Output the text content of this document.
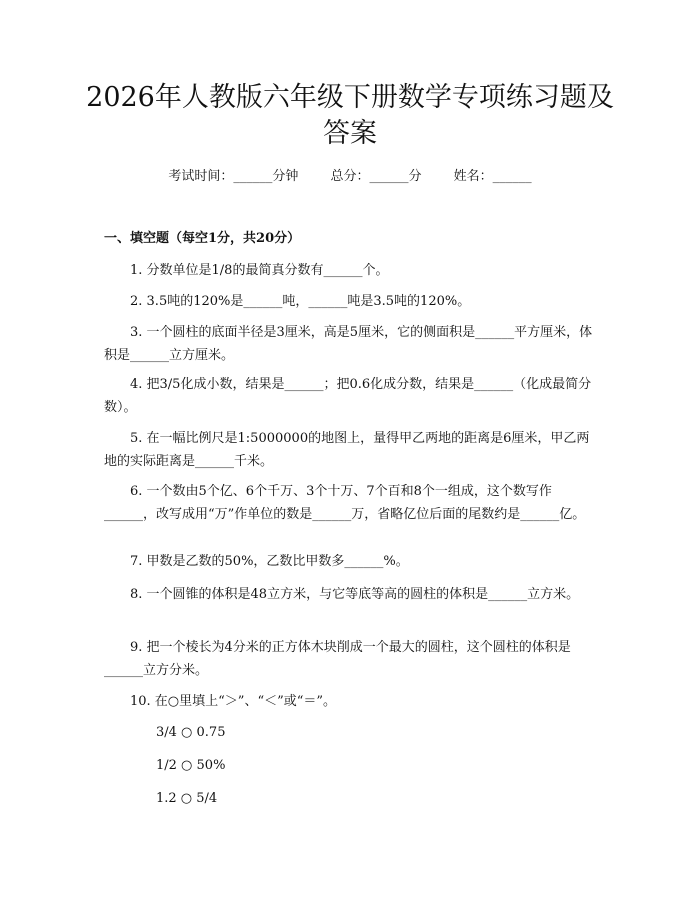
2026年人教版六年级下册数学专项练习题及
答案
考试时间：______分钟 总分：______分 姓名：______
一、填空题（每空1分，共20分）

1. 分数单位是1/8的最简真分数有______个。

2. 3.5吨的120%是______吨，______吨是3.5吨的120%。

3. 一个圆柱的底面半径是3厘米，高是5厘米，它的侧面积是______平方厘米，体积是______立方厘米。

4. 把3/5化成小数，结果是______；把0.6化成分数，结果是______（化成最简分数）。

5. 在一幅比例尺是1:5000000的地图上，量得甲乙两地的距离是6厘米，甲乙两地的实际距离是______千米。

6. 一个数由5个亿、6个千万、3个十万、7个百和8个一组成，这个数写作______，改写成用“万”作单位的数是______万，省略亿位后面的尾数约是______亿。

7. 甲数是乙数的50%，乙数比甲数多______%。

8. 一个圆锥的体积是48立方米，与它等底等高的圆柱的体积是______立方米。

9. 把一个棱长为4分米的正方体木块削成一个最大的圆柱，这个圆柱的体积是______立方分米。

10. 在○里填上“＞”、“＜”或“＝”。

3/4 ○ 0.75
1/2 ○ 50%
1.2 ○ 5/4
